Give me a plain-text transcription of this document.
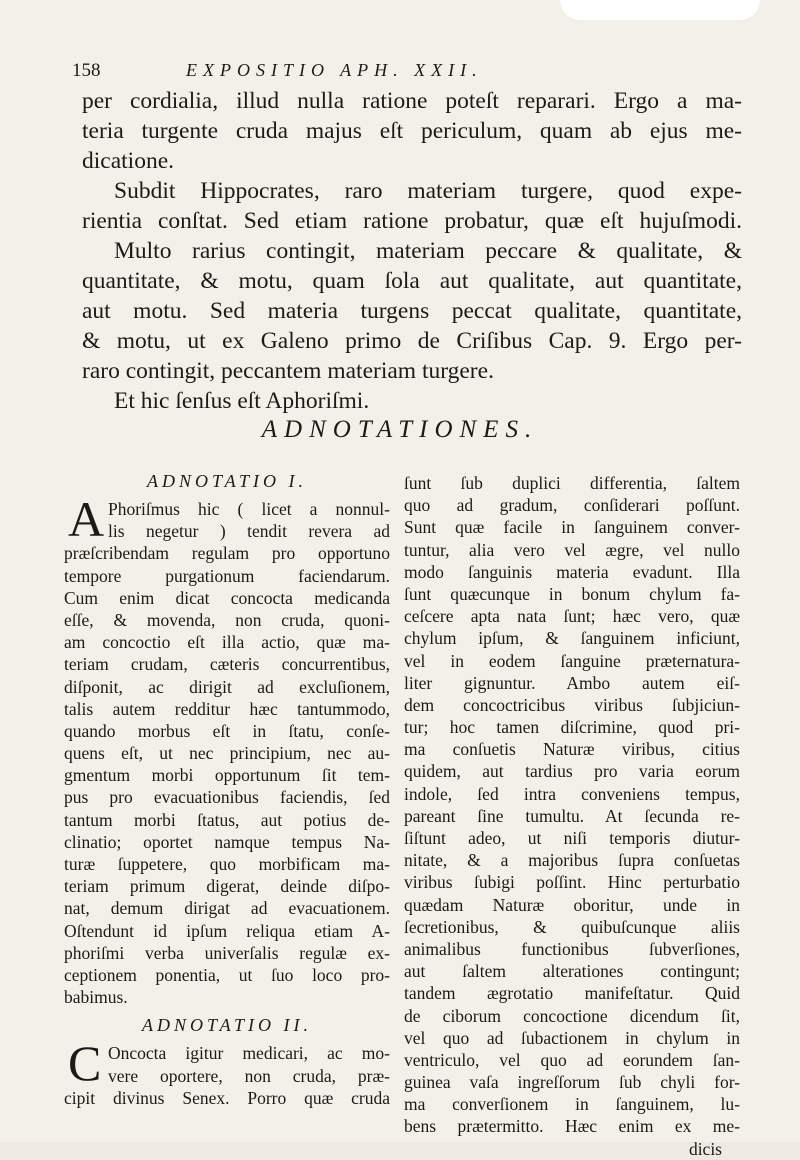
158	EXPOSITIO APH. XXII.
per cordialia, illud nulla ratione poteſt reparari. Ergo a ma-
teria turgente cruda majus eſt periculum, quam ab ejus me-
dicatione.
Subdit Hippocrates, raro materiam turgere, quod expe-
rientia conſtat. Sed etiam ratione probatur, quæ eſt hujuſmodi.
Multo rarius contingit, materiam peccare & qualitate, &
quantitate, & motu, quam ſola aut qualitate, aut quantitate,
aut motu. Sed materia turgens peccat qualitate, quantitate,
& motu, ut ex Galeno primo de Criſibus Cap. 9. Ergo per-
raro contingit, peccantem materiam turgere.
Et hic ſenſus eſt Aphoriſmi.
ADNOTATIONES.
ADNOTATIO I.
A Phoriſmus hic ( licet a nonnul-
lis negetur ) tendit revera ad
præſcribendam regulam pro opportuno
tempore purgationum faciendarum.
Cum enim dicat concocta medicanda
eſſe, & movenda, non cruda, quoni-
am concoctio eſt illa actio, quæ ma-
teriam crudam, cæteris concurrentibus,
diſponit, ac dirigit ad excluſionem,
talis autem redditur hæc tantummodo,
quando morbus eſt in ſtatu, conſe-
quens eſt, ut nec principium, nec au-
gmentum morbi opportunum ſit tem-
pus pro evacuationibus faciendis, ſed
tantum morbi ſtatus, aut potius de-
clinatio; oportet namque tempus Na-
turæ ſuppetere, quo morbificam ma-
teriam primum digerat, deinde diſpo-
nat, demum dirigat ad evacuationem.
Oſtendunt id ipſum reliqua etiam A-
phoriſmi verba univerſalis regulæ ex-
ceptionem ponentia, ut ſuo loco pro-
babimus.
ADNOTATIO II.
C Oncocta igitur medicari, ac mo-
vere oportere, non cruda, præ-
cipit divinus Senex. Porro quæ cruda
ſunt ſub duplici differentia, ſaltem
quo ad gradum, conſiderari poſſunt.
Sunt quæ facile in ſanguinem conver-
tuntur, alia vero vel ægre, vel nullo
modo ſanguinis materia evadunt. Illa
ſunt quæcunque in bonum chylum fa-
ceſcere apta nata ſunt; hæc vero, quæ
chylum ipſum, & ſanguinem inficiunt,
vel in eodem ſanguine præternatura-
liter gignuntur. Ambo autem eiſ-
dem concoctricibus viribus ſubjiciun-
tur; hoc tamen diſcrimine, quod pri-
ma conſuetis Naturæ viribus, citius
quidem, aut tardius pro varia eorum
indole, ſed intra conveniens tempus,
pareant ſine tumultu. At ſecunda re-
ſiſtunt adeo, ut niſi temporis diutur-
nitate, & a majoribus ſupra conſuetas
viribus ſubigi poſſint. Hinc perturbatio
quædam Naturæ oboritur, unde in
ſecretionibus, & quibuſcunque aliis
animalibus functionibus ſubverſiones,
aut ſaltem alterationes contingunt;
tandem ægrotatio manifeſtatur. Quid
de ciborum concoctione dicendum ſit,
vel quo ad ſubactionem in chylum in
ventriculo, vel quo ad eorundem ſan-
guinea vaſa ingreſſorum ſub chyli for-
ma converſionem in ſanguinem, lu-
bens prætermitto. Hæc enim ex me-
dicis
